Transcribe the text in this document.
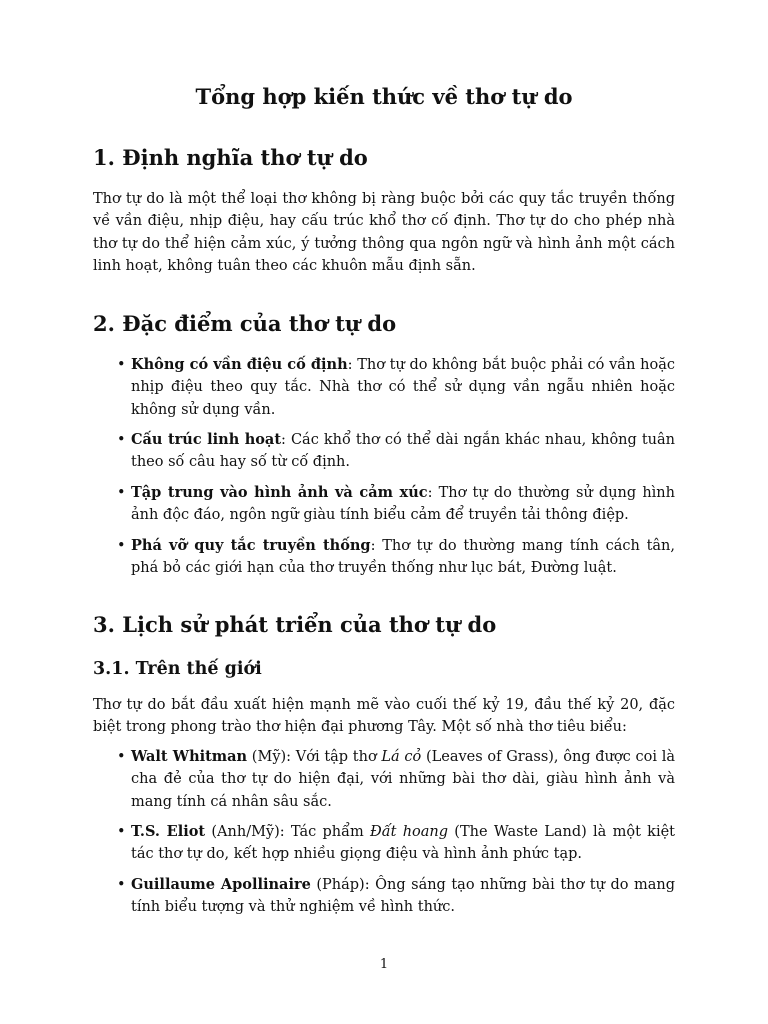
Tổng hợp kiến thức về thơ tự do
1. Định nghĩa thơ tự do

Thơ tự do là một thể loại thơ không bị ràng buộc bởi các quy tắc truyền thống về vần điệu, nhịp điệu, hay cấu trúc khổ thơ cố định. Thơ tự do cho phép nhà thơ tự do thể hiện cảm xúc, ý tưởng thông qua ngôn ngữ và hình ảnh một cách linh hoạt, không tuân theo các khuôn mẫu định sẵn.

2. Đặc điểm của thơ tự do
• Không có vần điệu cố định: Thơ tự do không bắt buộc phải có vần hoặc nhịp điệu theo quy tắc. Nhà thơ có thể sử dụng vần ngẫu nhiên hoặc không sử dụng vần.
• Cấu trúc linh hoạt: Các khổ thơ có thể dài ngắn khác nhau, không tuân theo số câu hay số từ cố định.
• Tập trung vào hình ảnh và cảm xúc: Thơ tự do thường sử dụng hình ảnh độc đáo, ngôn ngữ giàu tính biểu cảm để truyền tải thông điệp.
• Phá vỡ quy tắc truyền thống: Thơ tự do thường mang tính cách tân, phá bỏ các giới hạn của thơ truyền thống như lục bát, Đường luật.
3. Lịch sử phát triển của thơ tự do
3.1. Trên thế giới

Thơ tự do bắt đầu xuất hiện mạnh mẽ vào cuối thế kỷ 19, đầu thế kỷ 20, đặc biệt trong phong trào thơ hiện đại phương Tây. Một số nhà thơ tiêu biểu:

• Walt Whitman (Mỹ): Với tập thơ Lá cỏ (Leaves of Grass), ông được coi là cha đẻ của thơ tự do hiện đại, với những bài thơ dài, giàu hình ảnh và mang tính cá nhân sâu sắc.
• T.S. Eliot (Anh/Mỹ): Tác phẩm Đất hoang (The Waste Land) là một kiệt tác thơ tự do, kết hợp nhiều giọng điệu và hình ảnh phức tạp.
• Guillaume Apollinaire (Pháp): Ông sáng tạo những bài thơ tự do mang tính biểu tượng và thử nghiệm về hình thức.
1
